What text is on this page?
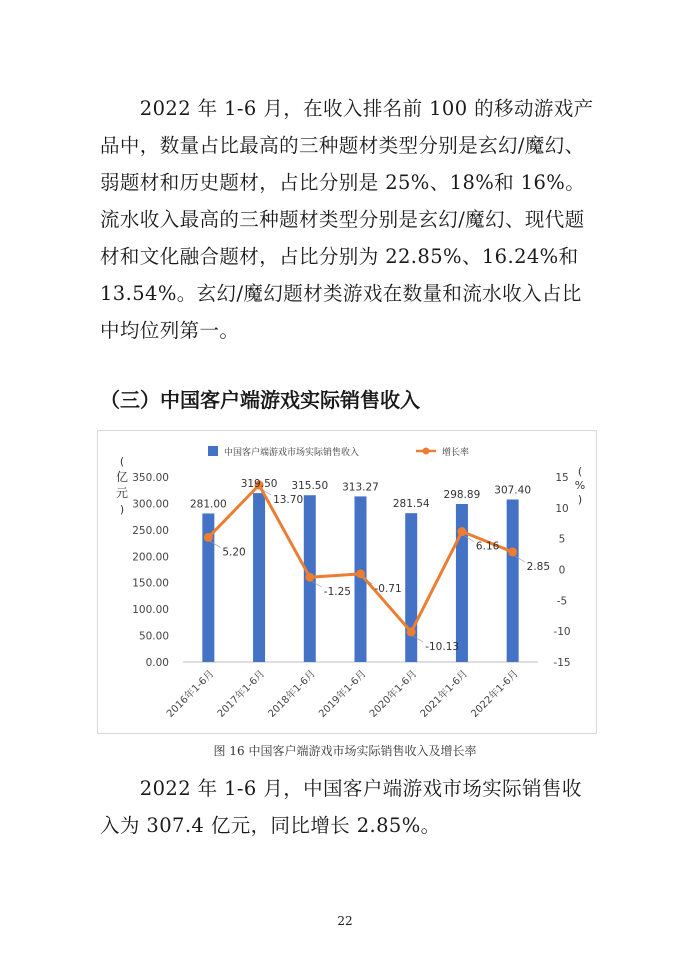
　　2022 年 1-6 月，在收入排名前 100 的移动游戏产品中，数量占比最高的三种题材类型分别是玄幻/魔幻、弱题材和历史题材，占比分别是 25%、18%和 16%。流水收入最高的三种题材类型分别是玄幻/魔幻、现代题材和文化融合题材，占比分别为 22.85%、16.24%和 13.54%。玄幻/魔幻题材类游戏在数量和流水收入占比中均位列第一。

（三）中国客户端游戏实际销售收入
中国客户端游戏市场实际销售收入	增长率
(
亿
元
)
(
%
)
0.00
50.00
100.00
150.00
200.00
250.00
300.00
350.00
-15
-10
-5
0
5
10
15
281.00
319.50 315.50 313.27
281.54
298.89 307.40
5.20
13.70
-1.25 -0.71
-10.13
6.16
2.85
2016年1-6月 2017年1-6月 2018年1-6月 2019年1-6月 2020年1-6月 2021年1-6月 2022年1-6月

图 16 中国客户端游戏市场实际销售收入及增长率

　　2022 年 1-6 月，中国客户端游戏市场实际销售收入为 307.4 亿元，同比增长 2.85%。

22
